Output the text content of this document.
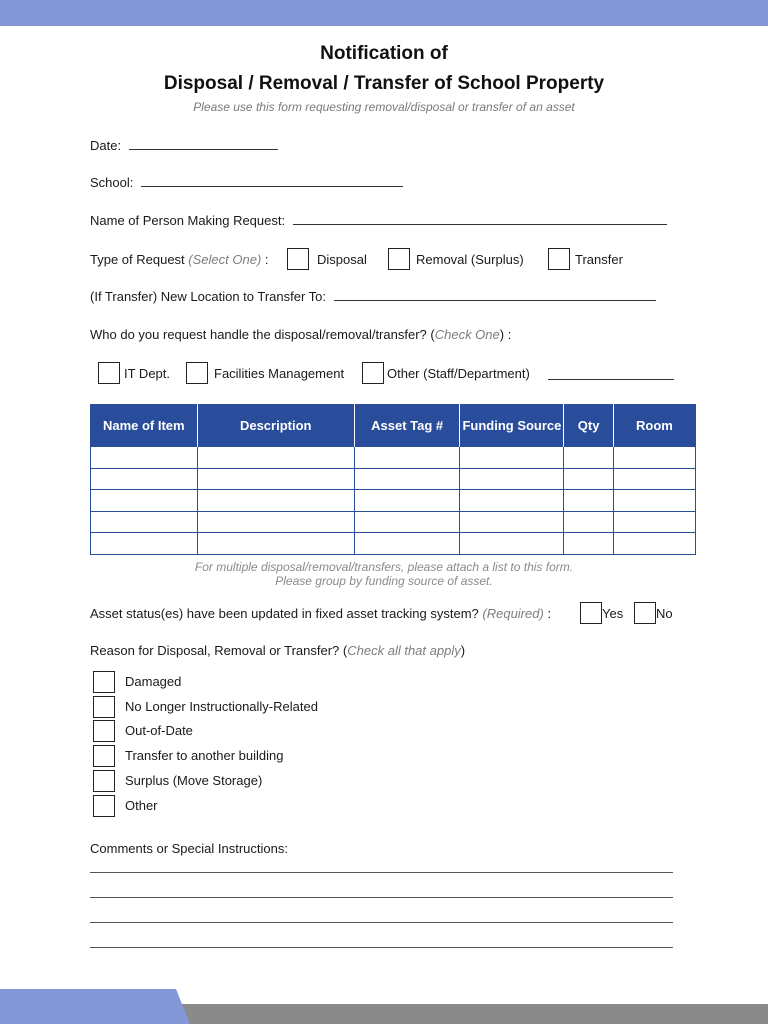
Notification of
Disposal / Removal / Transfer of School Property
Please use this form requesting removal/disposal or transfer of an asset
Date:
School:
Name of Person Making Request:
Type of Request (Select One) :	Disposal	Removal (Surplus)	Transfer
(If Transfer) New Location to Transfer To:
Who do you request handle the disposal/removal/transfer? (Check One) :
IT Dept.	Facilities Management	Other (Staff/Department)
Name of Item	Description	Asset Tag #	Funding Source	Qty	Room

For multiple disposal/removal/transfers, please attach a list to this form.
Please group by funding source of asset.
Asset status(es) have been updated in fixed asset tracking system? (Required) :	Yes	No
Reason for Disposal, Removal or Transfer? (Check all that apply)
Damaged
No Longer Instructionally-Related
Out-of-Date
Transfer to another building
Surplus (Move Storage)
Other
Comments or Special Instructions:
